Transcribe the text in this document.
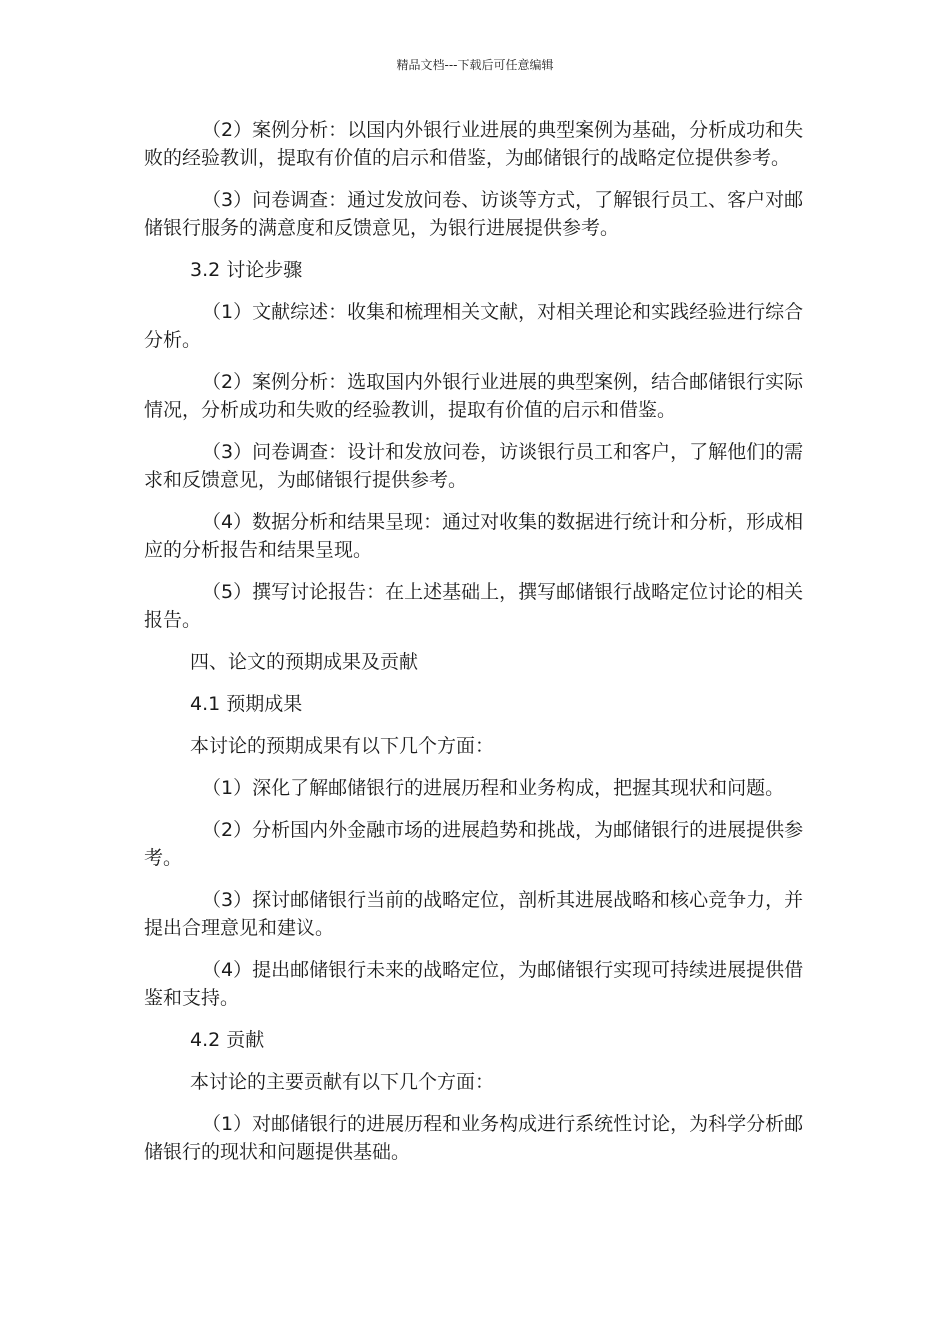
精品文档---下载后可任意编辑

（2）案例分析：以国内外银行业进展的典型案例为基础，分析成功和失败的经验教训，提取有价值的启示和借鉴，为邮储银行的战略定位提供参考。

（3）问卷调查：通过发放问卷、访谈等方式，了解银行员工、客户对邮储银行服务的满意度和反馈意见，为银行进展提供参考。

3.2 讨论步骤

（1）文献综述：收集和梳理相关文献，对相关理论和实践经验进行综合分析。

（2）案例分析：选取国内外银行业进展的典型案例，结合邮储银行实际情况，分析成功和失败的经验教训，提取有价值的启示和借鉴。

（3）问卷调查：设计和发放问卷，访谈银行员工和客户，了解他们的需求和反馈意见，为邮储银行提供参考。

（4）数据分析和结果呈现：通过对收集的数据进行统计和分析，形成相应的分析报告和结果呈现。

（5）撰写讨论报告：在上述基础上，撰写邮储银行战略定位讨论的相关报告。

四、论文的预期成果及贡献

4.1 预期成果

本讨论的预期成果有以下几个方面：

（1）深化了解邮储银行的进展历程和业务构成，把握其现状和问题。

（2）分析国内外金融市场的进展趋势和挑战，为邮储银行的进展提供参考。

（3）探讨邮储银行当前的战略定位，剖析其进展战略和核心竞争力，并提出合理意见和建议。

（4）提出邮储银行未来的战略定位，为邮储银行实现可持续进展提供借鉴和支持。

4.2 贡献

本讨论的主要贡献有以下几个方面：

（1）对邮储银行的进展历程和业务构成进行系统性讨论，为科学分析邮储银行的现状和问题提供基础。
